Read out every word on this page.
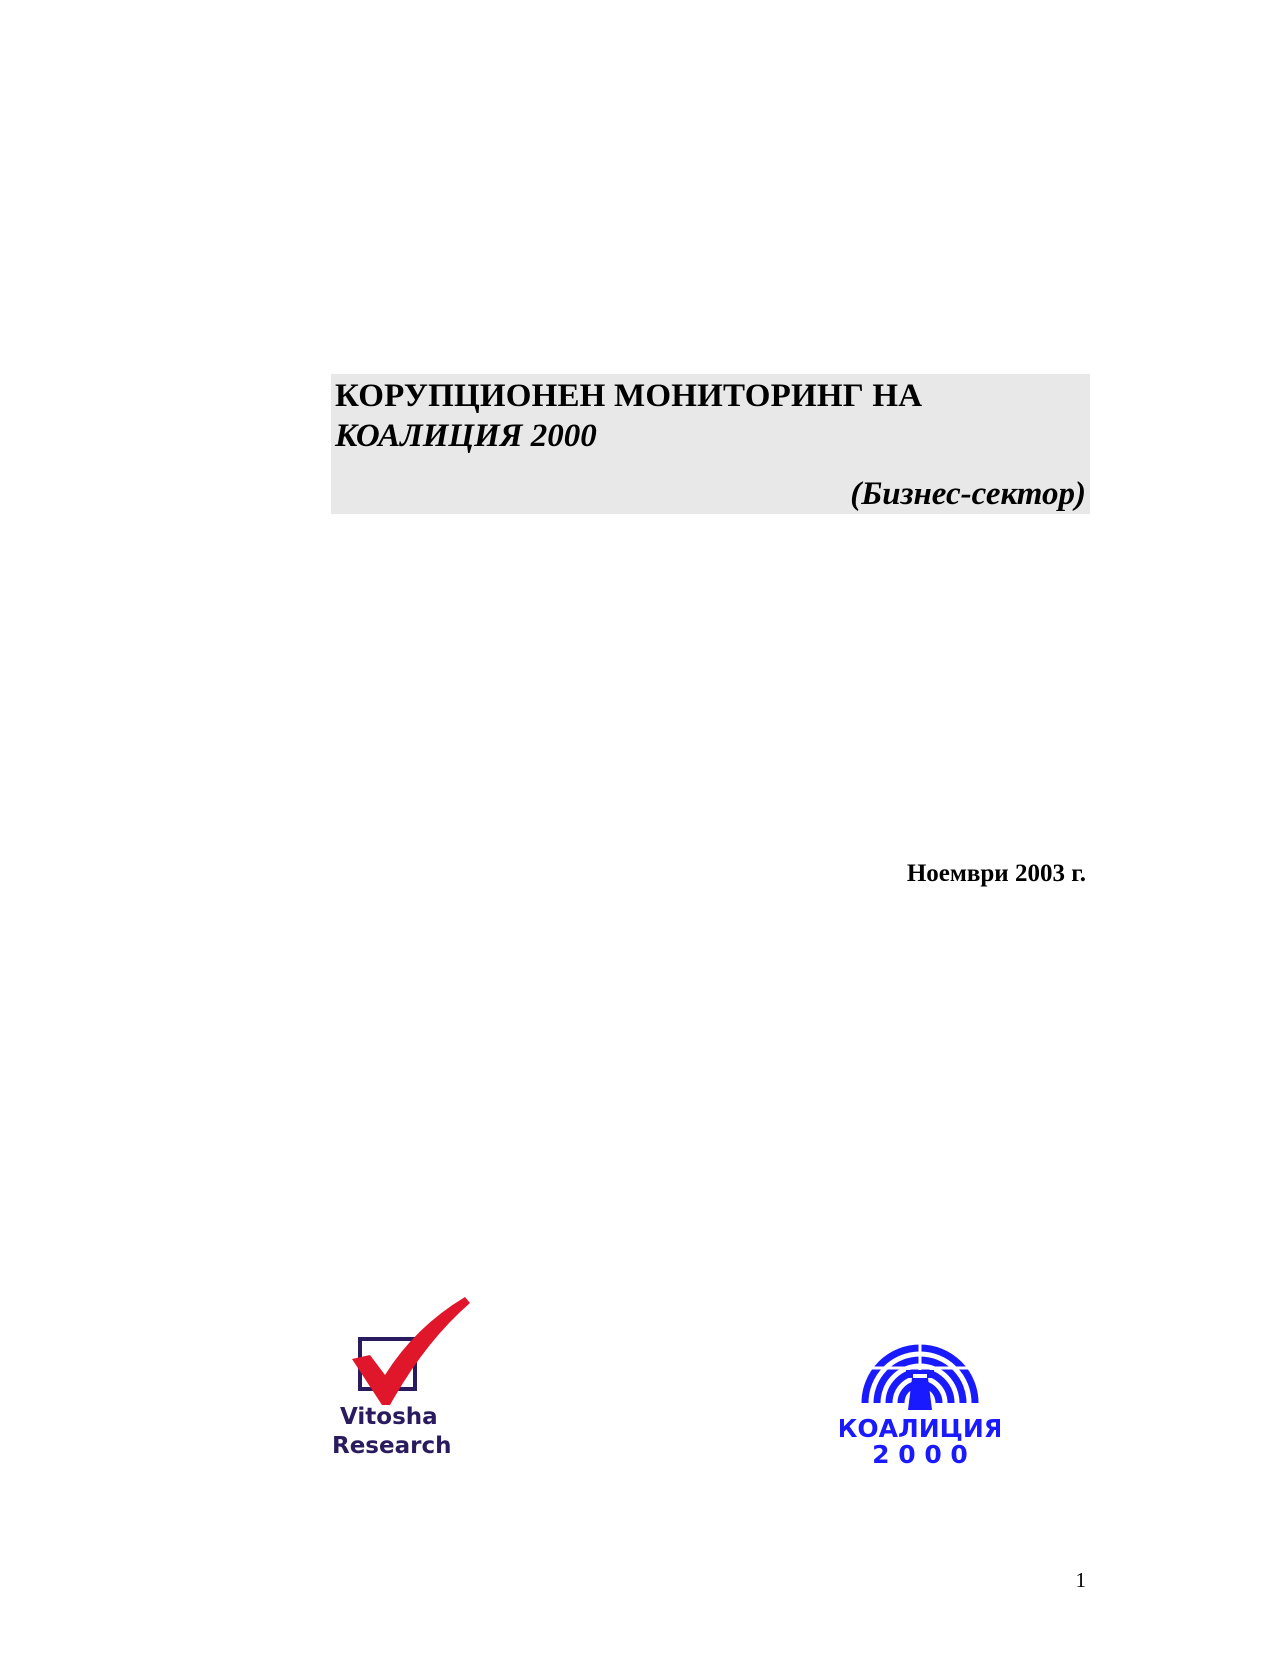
КОРУПЦИОНЕН МОНИТОРИНГ НА
КОАЛИЦИЯ 2000
(Бизнес-сектор)
Ноември 2003 г.
Vitosha
Research
КОАЛИЦИЯ
2 0 0 0
1
